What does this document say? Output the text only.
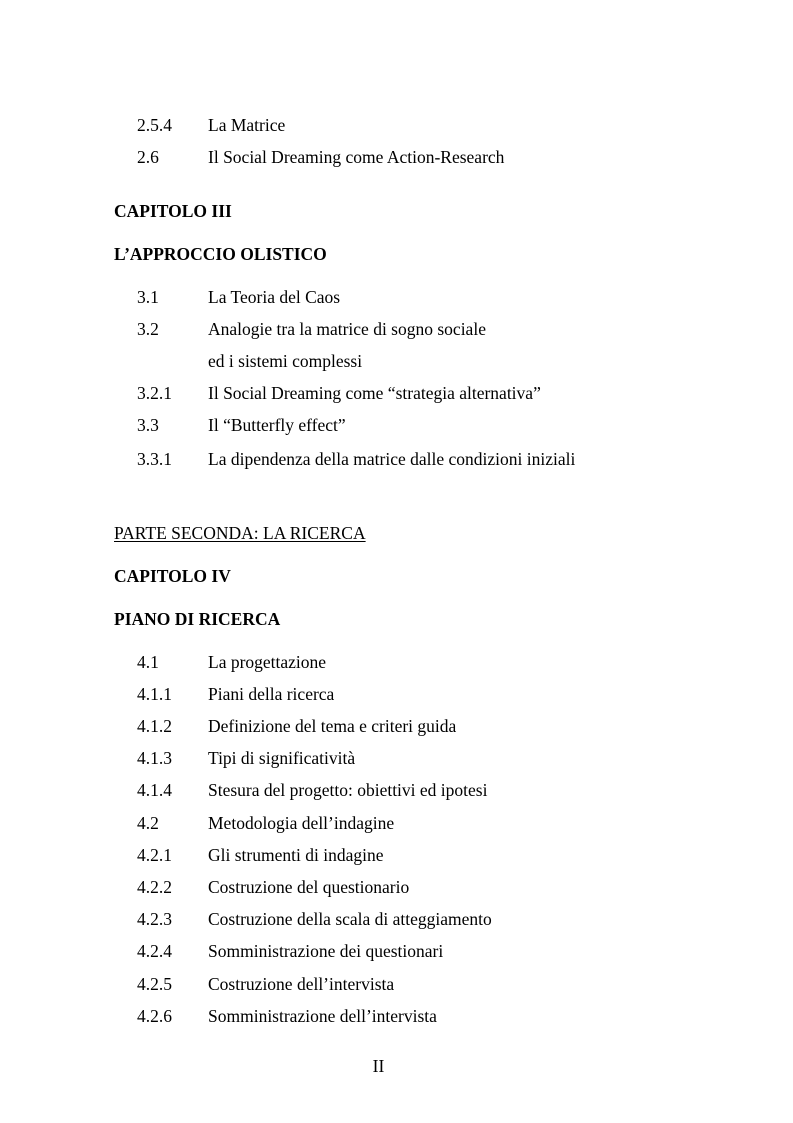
2.5.4 La Matrice
2.6	Il Social Dreaming come Action-Research
CAPITOLO III
L’APPROCCIO OLISTICO
3.1	La Teoria del Caos
3.2	Analogie tra la matrice di sogno sociale
ed i sistemi complessi
3.2.1 Il Social Dreaming come “strategia alternativa”
3.3	Il “Butterfly effect”
3.3.1 La dipendenza della matrice dalle condizioni iniziali
PARTE SECONDA: LA RICERCA
CAPITOLO IV
PIANO DI RICERCA
4.1	La progettazione
4.1.1 Piani della ricerca
4.1.2 Definizione del tema e criteri guida
4.1.3 Tipi di significatività
4.1.4 Stesura del progetto: obiettivi ed ipotesi
4.2	Metodologia dell’indagine
4.2.1 Gli strumenti di indagine
4.2.2 Costruzione del questionario
4.2.3 Costruzione della scala di atteggiamento
4.2.4 Somministrazione dei questionari
4.2.5 Costruzione dell’intervista
4.2.6 Somministrazione dell’intervista
II
